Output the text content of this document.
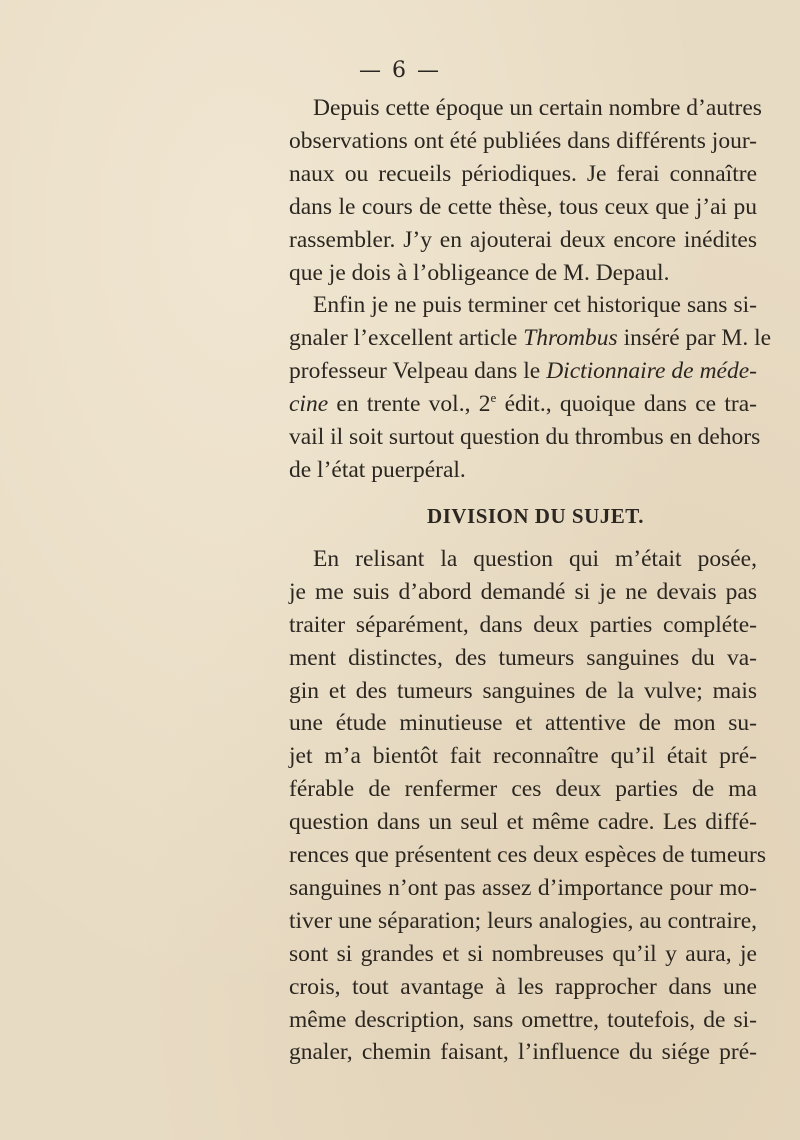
— 6 —
Depuis cette époque un certain nombre d’autres
observations ont été publiées dans différents jour-
naux ou recueils périodiques. Je ferai connaître
dans le cours de cette thèse, tous ceux que j’ai pu
rassembler. J’y en ajouterai deux encore inédites
que je dois à l’obligeance de M. Depaul.
Enfin je ne puis terminer cet historique sans si-
gnaler l’excellent article Thrombus inséré par M. le
professeur Velpeau dans le Dictionnaire de méde-
cine en trente vol., 2e édit., quoique dans ce tra-
vail il soit surtout question du thrombus en dehors
de l’état puerpéral.
DIVISION DU SUJET.
En relisant la question qui m’était posée,
je me suis d’abord demandé si je ne devais pas
traiter séparément, dans deux parties compléte-
ment distinctes, des tumeurs sanguines du va-
gin et des tumeurs sanguines de la vulve; mais
une étude minutieuse et attentive de mon su-
jet m’a bientôt fait reconnaître qu’il était pré-
férable de renfermer ces deux parties de ma
question dans un seul et même cadre. Les diffé-
rences que présentent ces deux espèces de tumeurs
sanguines n’ont pas assez d’importance pour mo-
tiver une séparation; leurs analogies, au contraire,
sont si grandes et si nombreuses qu’il y aura, je
crois, tout avantage à les rapprocher dans une
même description, sans omettre, toutefois, de si-
gnaler, chemin faisant, l’influence du siége pré-
